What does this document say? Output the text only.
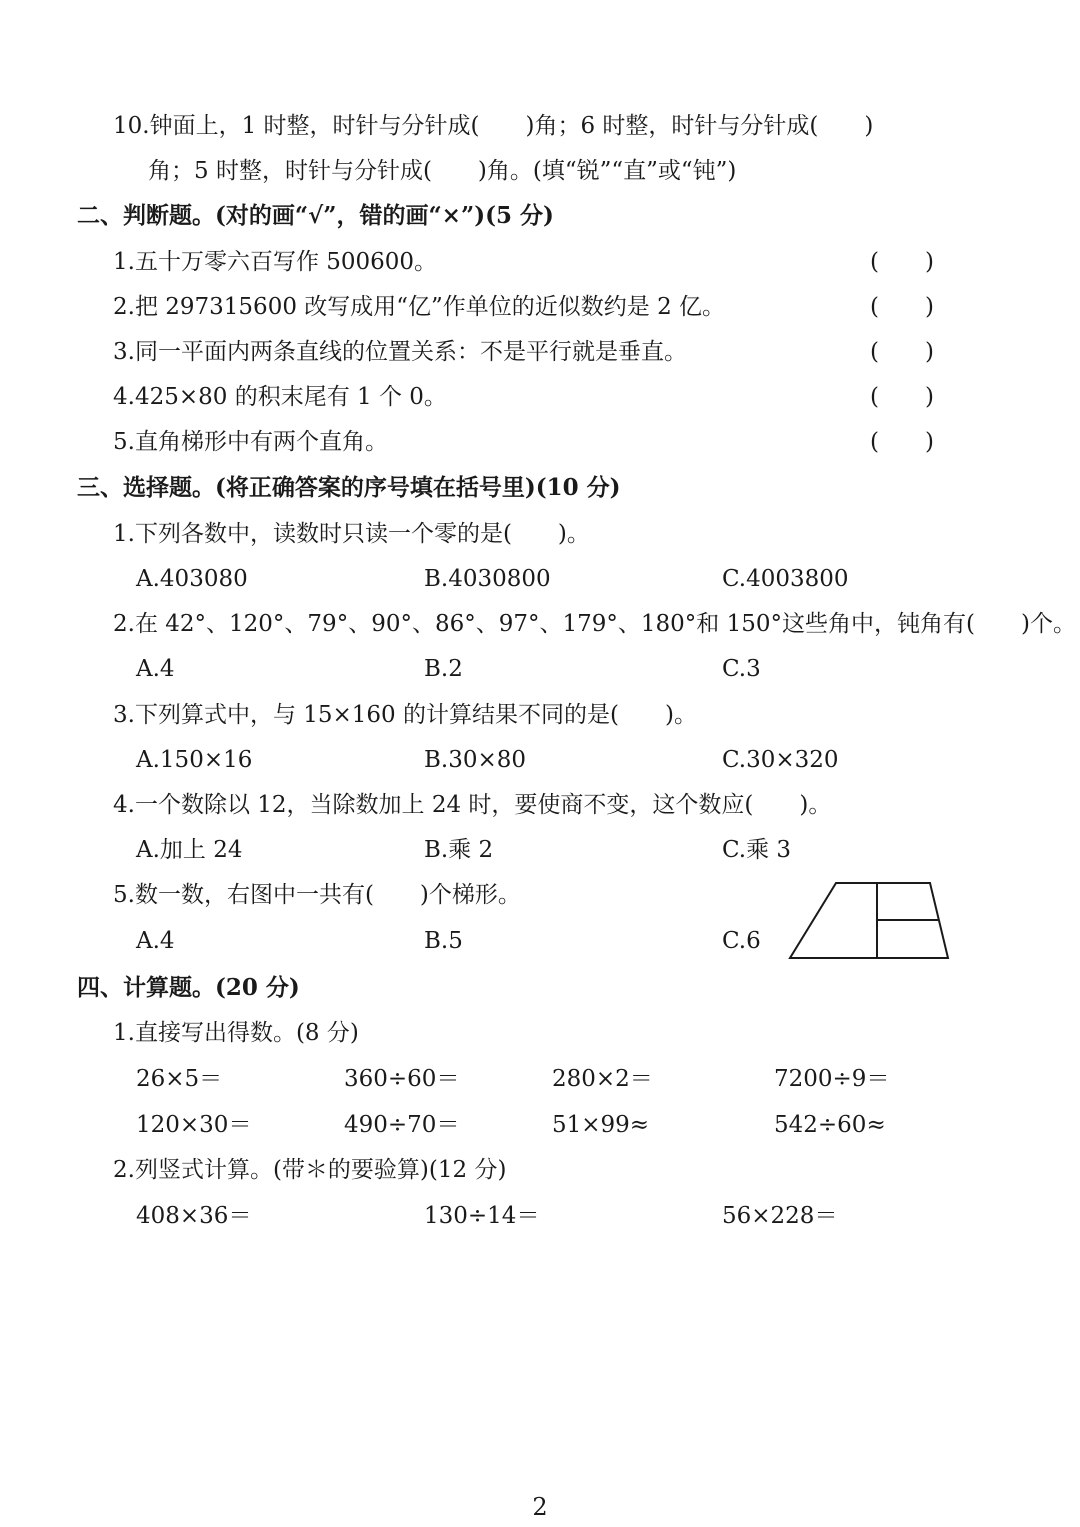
10.钟面上，1 时整，时针与分针成(　　)角；6 时整，时针与分针成(　　)
角；5 时整，时针与分针成(　　)角。(填“锐”“直”或“钝”)
二、判断题。(对的画“√”，错的画“×”)(5 分)
1.五十万零六百写作 500600。	(　　)
2.把 297315600 改写成用“亿”作单位的近似数约是 2 亿。	(　　)
3.同一平面内两条直线的位置关系：不是平行就是垂直。	(　　)
4.425×80 的积末尾有 1 个 0。	(　　)
5.直角梯形中有两个直角。	(　　)
三、选择题。(将正确答案的序号填在括号里)(10 分)
1.下列各数中，读数时只读一个零的是(　　)。
A.403080	B.4030800	C.4003800
2.在 42°、120°、79°、90°、86°、97°、179°、180°和 150°这些角中，钝角有(　　)个。
A.4	B.2	C.3
3.下列算式中，与 15×160 的计算结果不同的是(　　)。
A.150×16	B.30×80	C.30×320
4.一个数除以 12，当除数加上 24 时，要使商不变，这个数应(　　)。
A.加上 24	B.乘 2	C.乘 3
5.数一数，右图中一共有(　　)个梯形。
A.4	B.5	C.6
四、计算题。(20 分)
1.直接写出得数。(8 分)
26×5＝	360÷60＝	280×2＝	7200÷9＝
120×30＝	490÷70＝	51×99≈	542÷60≈
2.列竖式计算。(带＊的要验算)(12 分)
408×36＝	130÷14＝	56×228＝
2
